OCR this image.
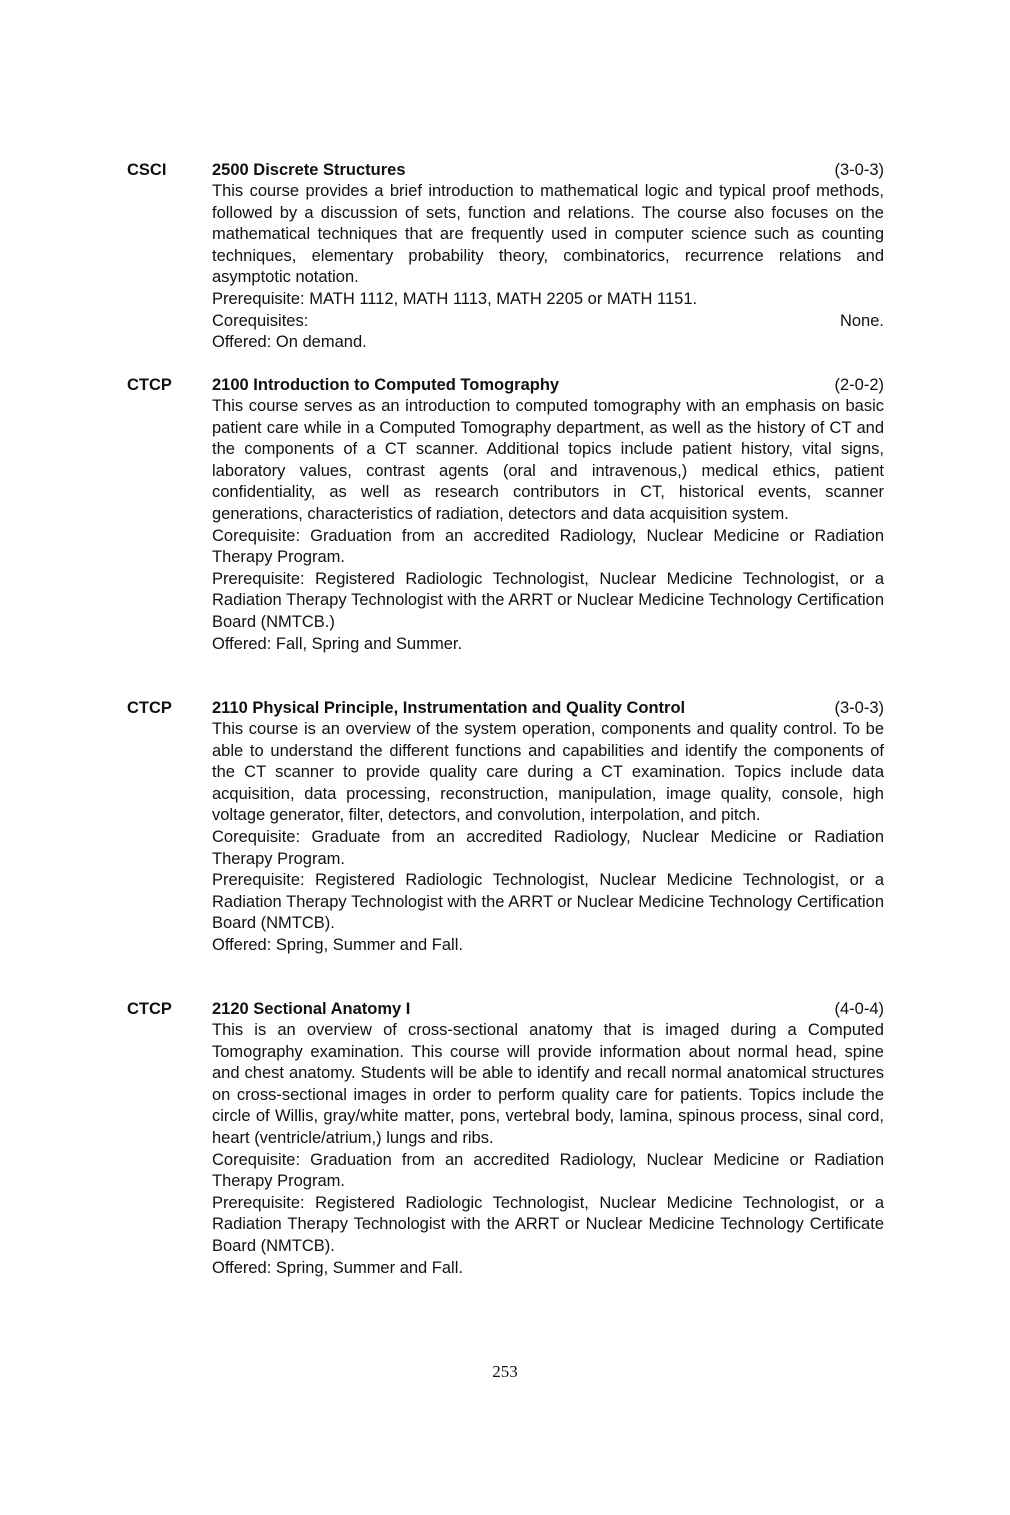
CSCI	2500 Discrete Structures	(3-0-3)

This course provides a brief introduction to mathematical logic and typical proof methods, followed by a discussion of sets, function and relations. The course also focuses on the mathematical techniques that are frequently used in computer science such as counting techniques, elementary probability theory, combinatorics, recurrence relations and asymptotic notation.

Prerequisite: MATH 1112, MATH 1113, MATH 2205 or MATH 1151.

Corequisites:	None.

Offered: On demand.

CTCP 2100 Introduction to Computed Tomography	(2-0-2)

This course serves as an introduction to computed tomography with an emphasis on basic patient care while in a Computed Tomography department, as well as the history of CT and the components of a CT scanner. Additional topics include patient history, vital signs, laboratory values, contrast agents (oral and intravenous,) medical ethics, patient confidentiality, as well as research contributors in CT, historical events, scanner generations, characteristics of radiation, detectors and data acquisition system.

Corequisite: Graduation from an accredited Radiology, Nuclear Medicine or Radiation Therapy Program.

Prerequisite: Registered Radiologic Technologist, Nuclear Medicine Technologist, or a Radiation Therapy Technologist with the ARRT or Nuclear Medicine Technology Certification Board (NMTCB.)

Offered: Fall, Spring and Summer.

CTCP 2110 Physical Principle, Instrumentation and Quality Control	(3-0-3)

This course is an overview of the system operation, components and quality control. To be able to understand the different functions and capabilities and identify the components of the CT scanner to provide quality care during a CT examination. Topics include data acquisition, data processing, reconstruction, manipulation, image quality, console, high voltage generator, filter, detectors, and convolution, interpolation, and pitch.

Corequisite: Graduate from an accredited Radiology, Nuclear Medicine or Radiation Therapy Program.

Prerequisite: Registered Radiologic Technologist, Nuclear Medicine Technologist, or a Radiation Therapy Technologist with the ARRT or Nuclear Medicine Technology Certification Board (NMTCB).

Offered: Spring, Summer and Fall.

CTCP 2120 Sectional Anatomy I	(4-0-4)

This is an overview of cross-sectional anatomy that is imaged during a Computed Tomography examination. This course will provide information about normal head, spine and chest anatomy. Students will be able to identify and recall normal anatomical structures on cross-sectional images in order to perform quality care for patients. Topics include the circle of Willis, gray/white matter, pons, vertebral body, lamina, spinous process, sinal cord, heart (ventricle/atrium,) lungs and ribs.

Corequisite: Graduation from an accredited Radiology, Nuclear Medicine or Radiation Therapy Program.

Prerequisite: Registered Radiologic Technologist, Nuclear Medicine Technologist, or a Radiation Therapy Technologist with the ARRT or Nuclear Medicine Technology Certificate Board (NMTCB).

Offered: Spring, Summer and Fall.

253
